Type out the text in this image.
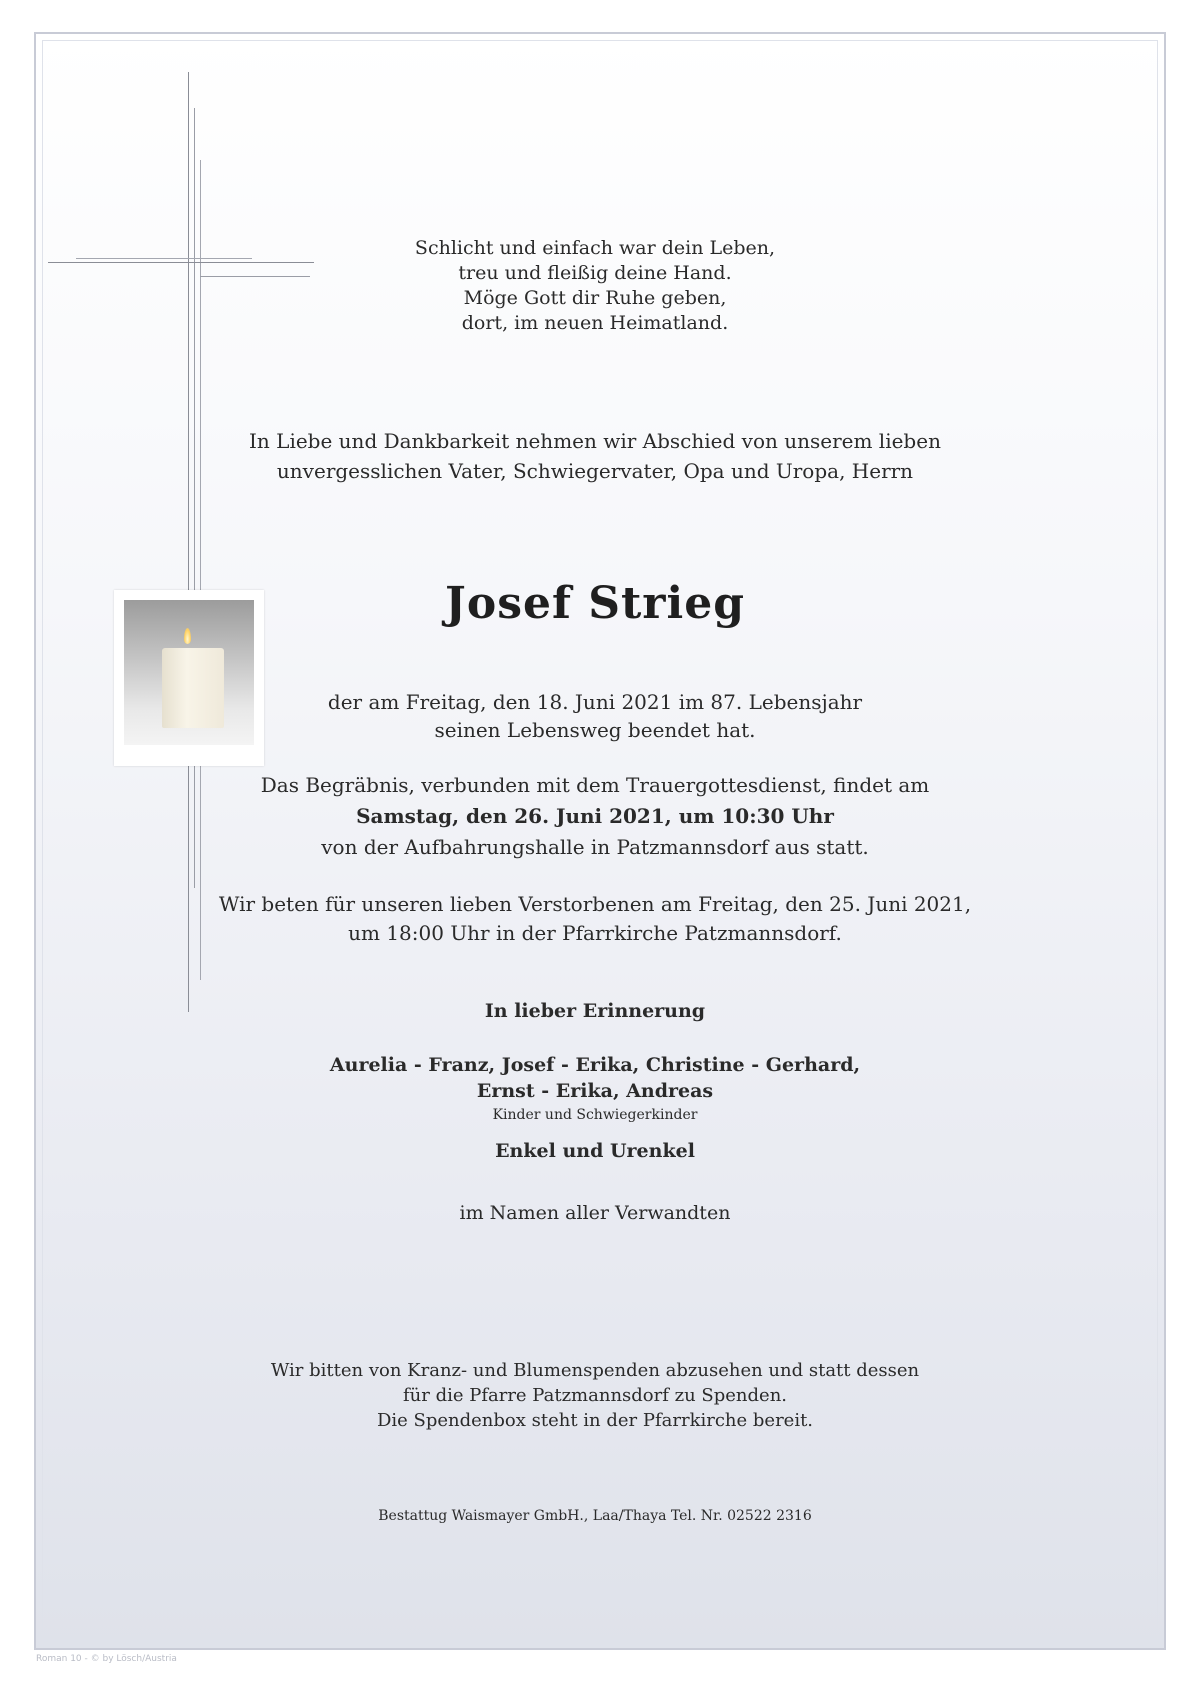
Schlicht und einfach war dein Leben,
treu und fleißig deine Hand.
Möge Gott dir Ruhe geben,
dort, im neuen Heimatland.
In Liebe und Dankbarkeit nehmen wir Abschied von unserem lieben
unvergesslichen Vater, Schwiegervater, Opa und Uropa, Herrn
Josef Strieg
der am Freitag, den 18. Juni 2021 im 87. Lebensjahr
seinen Lebensweg beendet hat.
Das Begräbnis, verbunden mit dem Trauergottesdienst, findet am
Samstag, den 26. Juni 2021, um 10:30 Uhr
von der Aufbahrungshalle in Patzmannsdorf aus statt.
Wir beten für unseren lieben Verstorbenen am Freitag, den 25. Juni 2021,
um 18:00 Uhr in der Pfarrkirche Patzmannsdorf.
In lieber Erinnerung
Aurelia - Franz, Josef - Erika, Christine - Gerhard,
Ernst - Erika, Andreas
Kinder und Schwiegerkinder
Enkel und Urenkel
im Namen aller Verwandten
Wir bitten von Kranz- und Blumenspenden abzusehen und statt dessen
für die Pfarre Patzmannsdorf zu Spenden.
Die Spendenbox steht in der Pfarrkirche bereit.
Bestattug Waismayer GmbH., Laa/Thaya Tel. Nr. 02522 2316
Roman 10 - © by Lösch/Austria
